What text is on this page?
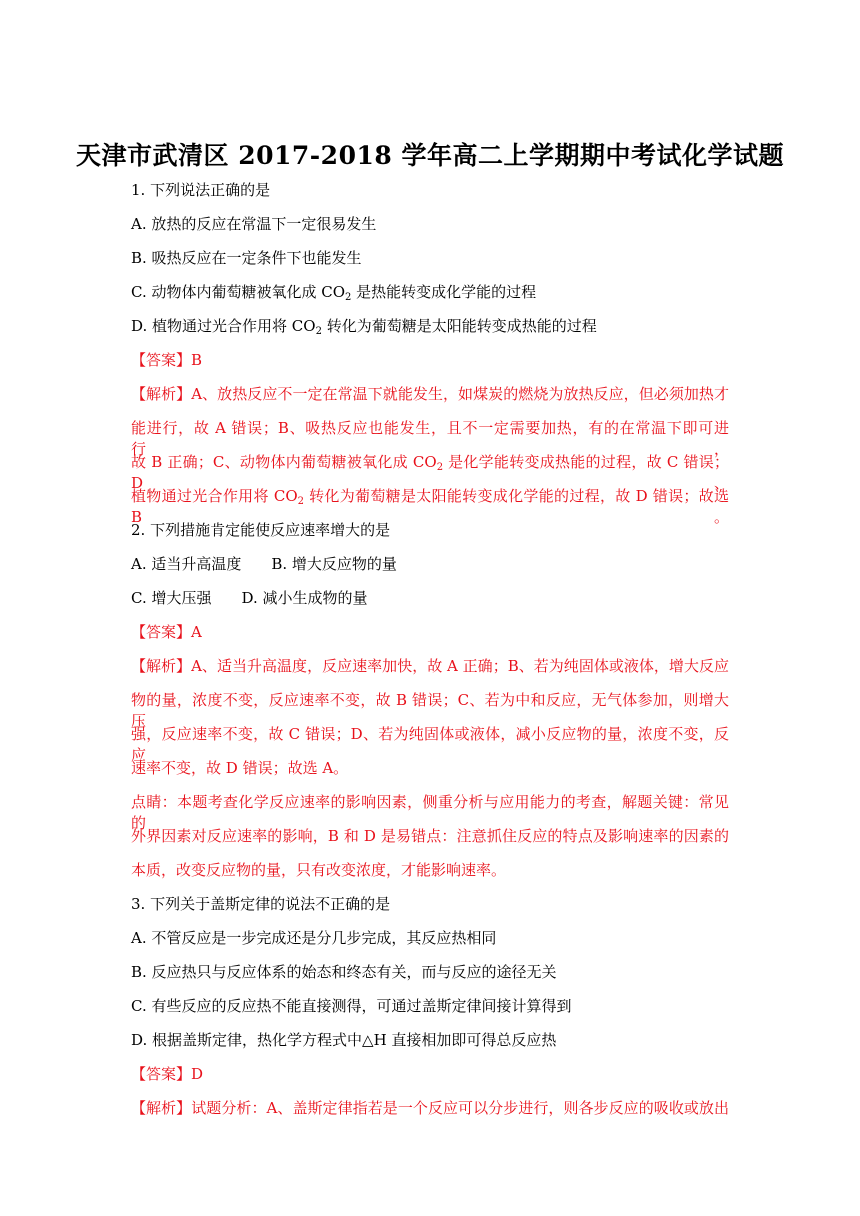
天津市武清区 2017-2018 学年高二上学期期中考试化学试题
1. 下列说法正确的是
A. 放热的反应在常温下一定很易发生
B. 吸热反应在一定条件下也能发生
C. 动物体内葡萄糖被氧化成 $CO_2$ 是热能转变成化学能的过程
D. 植物通过光合作用将 $CO_2$ 转化为葡萄糖是太阳能转变成热能的过程
【答案】B
【解析】A、放热反应不一定在常温下就能发生，如煤炭的燃烧为放热反应，但必须加热才
能进行，故 A 错误；B、吸热反应也能发生，且不一定需要加热，有的在常温下即可进行，
故 B 正确；C、动物体内葡萄糖被氧化成 $CO_2$ 是化学能转变成热能的过程，故 C 错误；D、
植物通过光合作用将 $CO_2$ 转化为葡萄糖是太阳能转变成化学能的过程，故 D 错误；故选 B。
2. 下列措施肯定能使反应速率增大的是
A. 适当升高温度 B. 增大反应物的量
C. 增大压强 D. 减小生成物的量
【答案】A
【解析】A、适当升高温度，反应速率加快，故 A 正确；B、若为纯固体或液体，增大反应
物的量，浓度不变，反应速率不变，故 B 错误；C、若为中和反应，无气体参加，则增大压
强，反应速率不变，故 C 错误；D、若为纯固体或液体，减小反应物的量，浓度不变，反应
速率不变，故 D 错误；故选 A。
点睛：本题考查化学反应速率的影响因素，侧重分析与应用能力的考查，解题关键：常见的
外界因素对反应速率的影响，B 和 D 是易错点：注意抓住反应的特点及影响速率的因素的
本质，改变反应物的量，只有改变浓度，才能影响速率。
3. 下列关于盖斯定律的说法不正确的是
A. 不管反应是一步完成还是分几步完成，其反应热相同
B. 反应热只与反应体系的始态和终态有关，而与反应的途径无关
C. 有些反应的反应热不能直接测得，可通过盖斯定律间接计算得到
D. 根据盖斯定律，热化学方程式中△H 直接相加即可得总反应热
【答案】D
【解析】试题分析：A、盖斯定律指若是一个反应可以分步进行，则各步反应的吸收或放出
